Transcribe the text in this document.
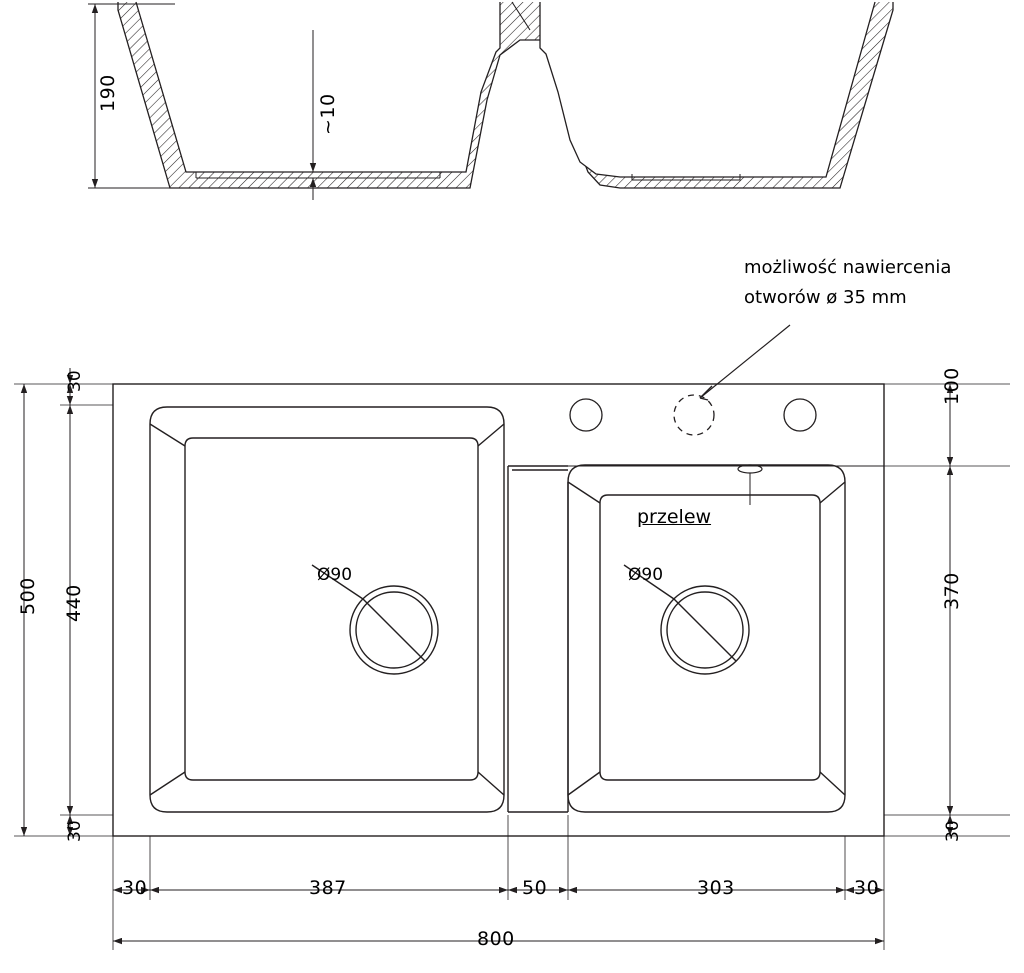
190
~10
możliwość nawiercenia
otworów ø 35 mm
przelew
Ø90	Ø90
500 440
30
30
100
370
30
30	387	50	303	30
800
